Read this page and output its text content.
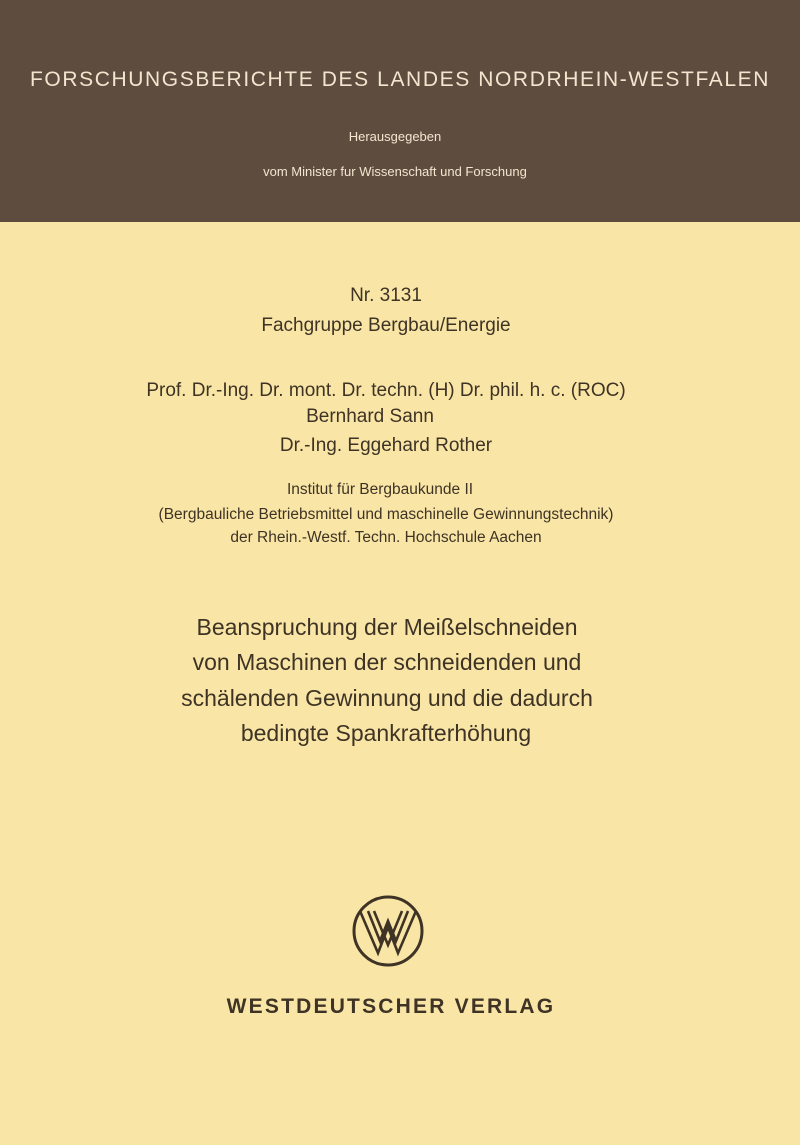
FORSCHUNGSBERICHTE DES LANDES NORDRHEIN-WESTFALEN
Herausgegeben
vom Minister fur Wissenschaft und Forschung
Nr. 3131
Fachgruppe Bergbau/Energie
Prof. Dr.-Ing. Dr. mont. Dr. techn. (H) Dr. phil. h. c. (ROC)
Bernhard Sann
Dr.-Ing. Eggehard Rother
Institut für Bergbaukunde II
(Bergbauliche Betriebsmittel und maschinelle Gewinnungstechnik)
der Rhein.-Westf. Techn. Hochschule Aachen
Beanspruchung der Meißelschneiden
von Maschinen der schneidenden und
schälenden Gewinnung und die dadurch
bedingte Spankrafterhöhung
WESTDEUTSCHER VERLAG
